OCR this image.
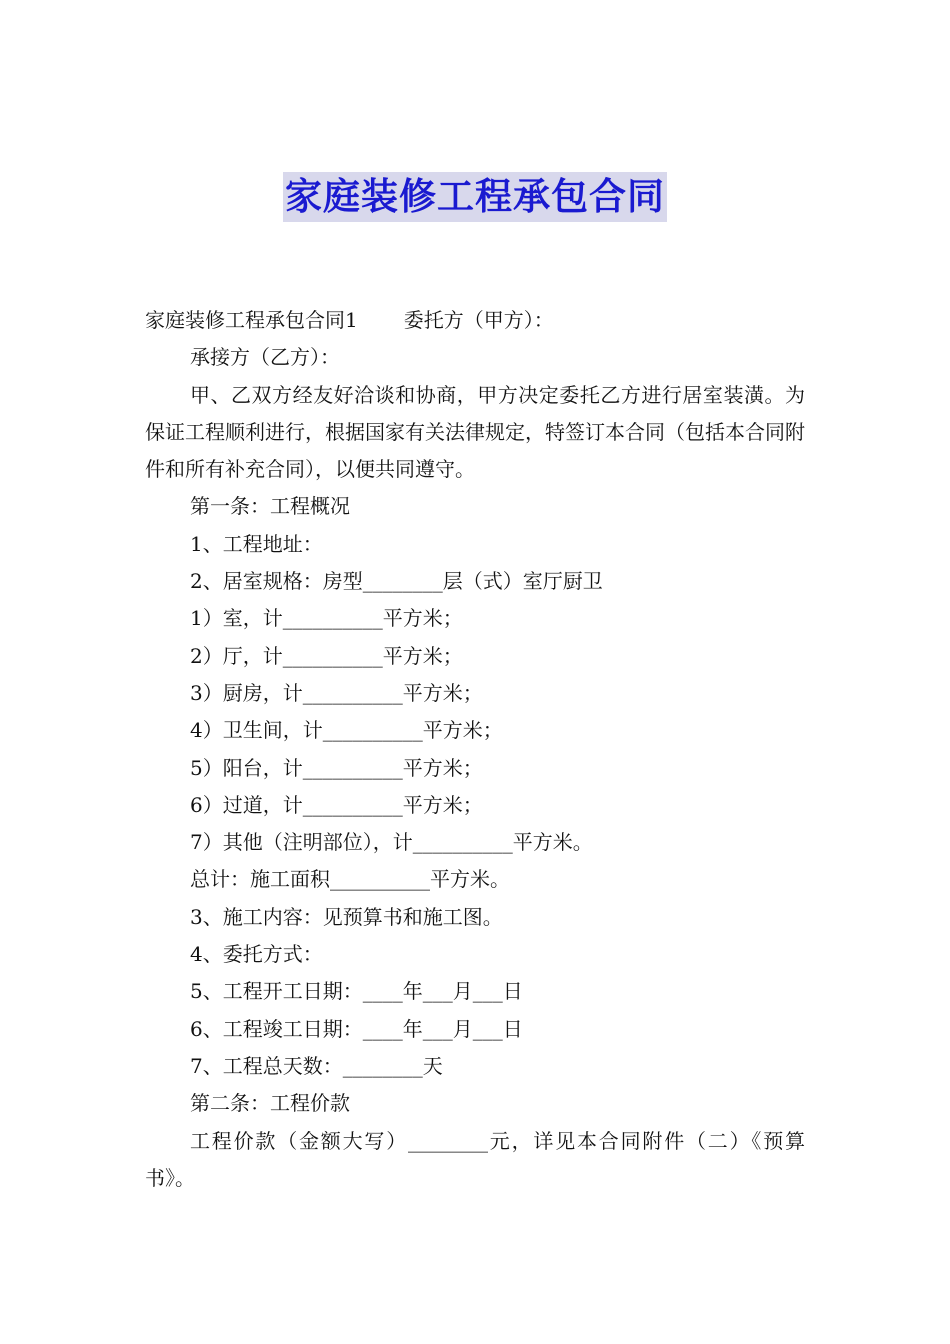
家庭装修工程承包合同
家庭装修工程承包合同1 委托方（甲方）：
承接方（乙方）：
甲、乙双方经友好洽谈和协商，甲方决定委托乙方进行居室装潢。为保证工程顺利进行，根据国家有关法律规定，特签订本合同（包括本合同附件和所有补充合同），以便共同遵守。
第一条：工程概况
1、工程地址：
2、居室规格：房型________层（式）室厅厨卫
1）室，计__________平方米；
2）厅，计__________平方米；
3）厨房，计__________平方米；
4）卫生间，计__________平方米；
5）阳台，计__________平方米；
6）过道，计__________平方米；
7）其他（注明部位），计__________平方米。
总计：施工面积__________平方米。
3、施工内容：见预算书和施工图。
4、委托方式：
5、工程开工日期：____年___月___日
6、工程竣工日期：____年___月___日
7、工程总天数：________天
第二条：工程价款
工程价款（金额大写）________元，详见本合同附件（二）《预算书》。
